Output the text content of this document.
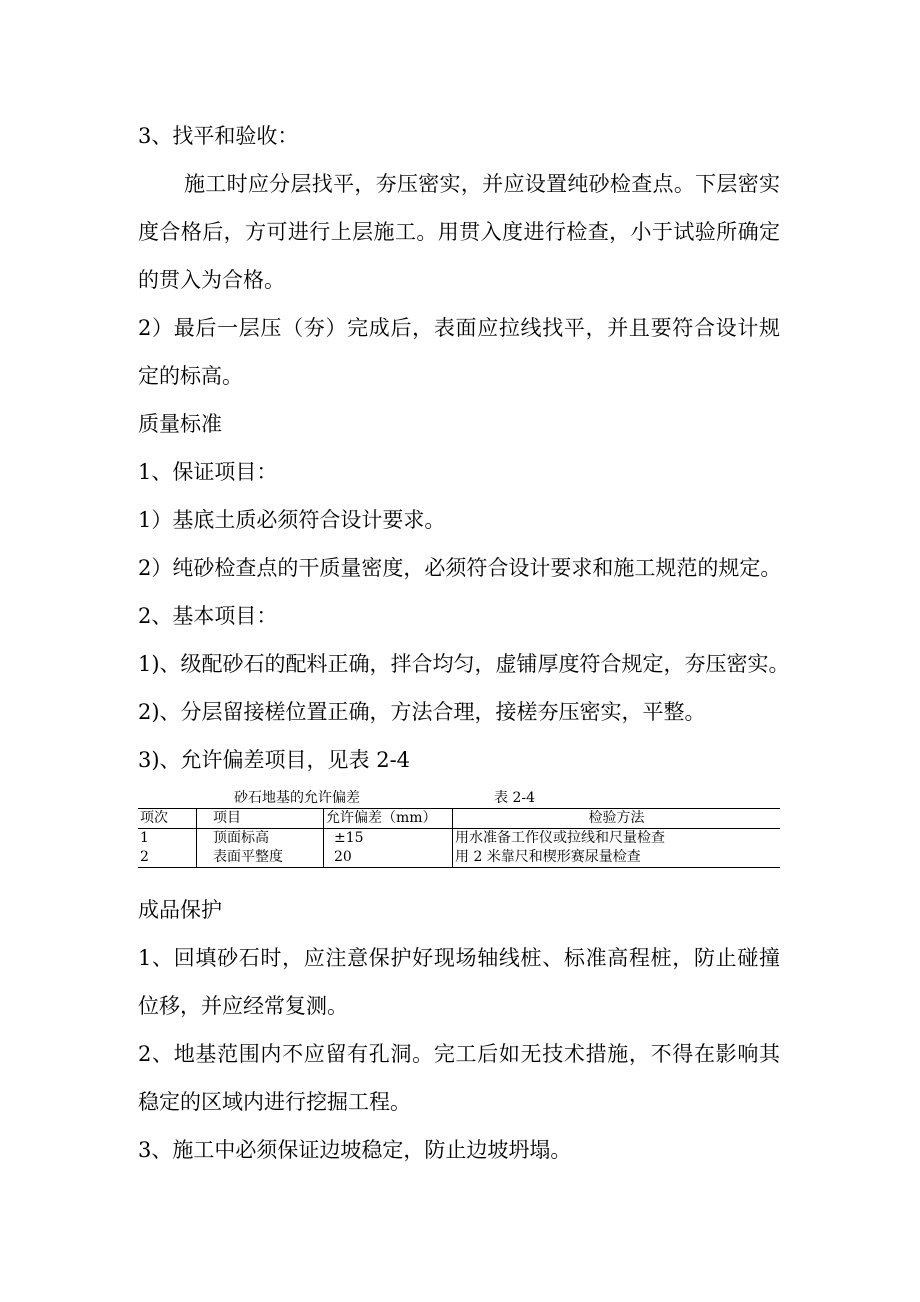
3、找平和验收：
施工时应分层找平，夯压密实，并应设置纯砂检查点。下层密实
度合格后，方可进行上层施工。用贯入度进行检查，小于试验所确定
的贯入为合格。
2）最后一层压（夯）完成后，表面应拉线找平，并且要符合设计规
定的标高。
质量标准
1、保证项目：
1）基底土质必须符合设计要求。
2）纯砂检查点的干质量密度，必须符合设计要求和施工规范的规定。
2、基本项目：
1)、级配砂石的配料正确，拌合均匀，虚铺厚度符合规定，夯压密实。
2)、分层留接槎位置正确，方法合理，接槎夯压密实，平整。
3)、允许偏差项目，见表 2-4
砂石地基的允许偏差	表 2-4
项次	项目	允许偏差（mm）	检验方法
1	顶面标高	±15	用水准备工作仪或拉线和尺量检查
2	表面平整度	20	用 2 米靠尺和楔形赛尿量检查
成品保护
1、回填砂石时，应注意保护好现场轴线桩、标准高程桩，防止碰撞
位移，并应经常复测。
2、地基范围内不应留有孔洞。完工后如无技术措施，不得在影响其
稳定的区域内进行挖掘工程。
3、施工中必须保证边坡稳定，防止边坡坍塌。
